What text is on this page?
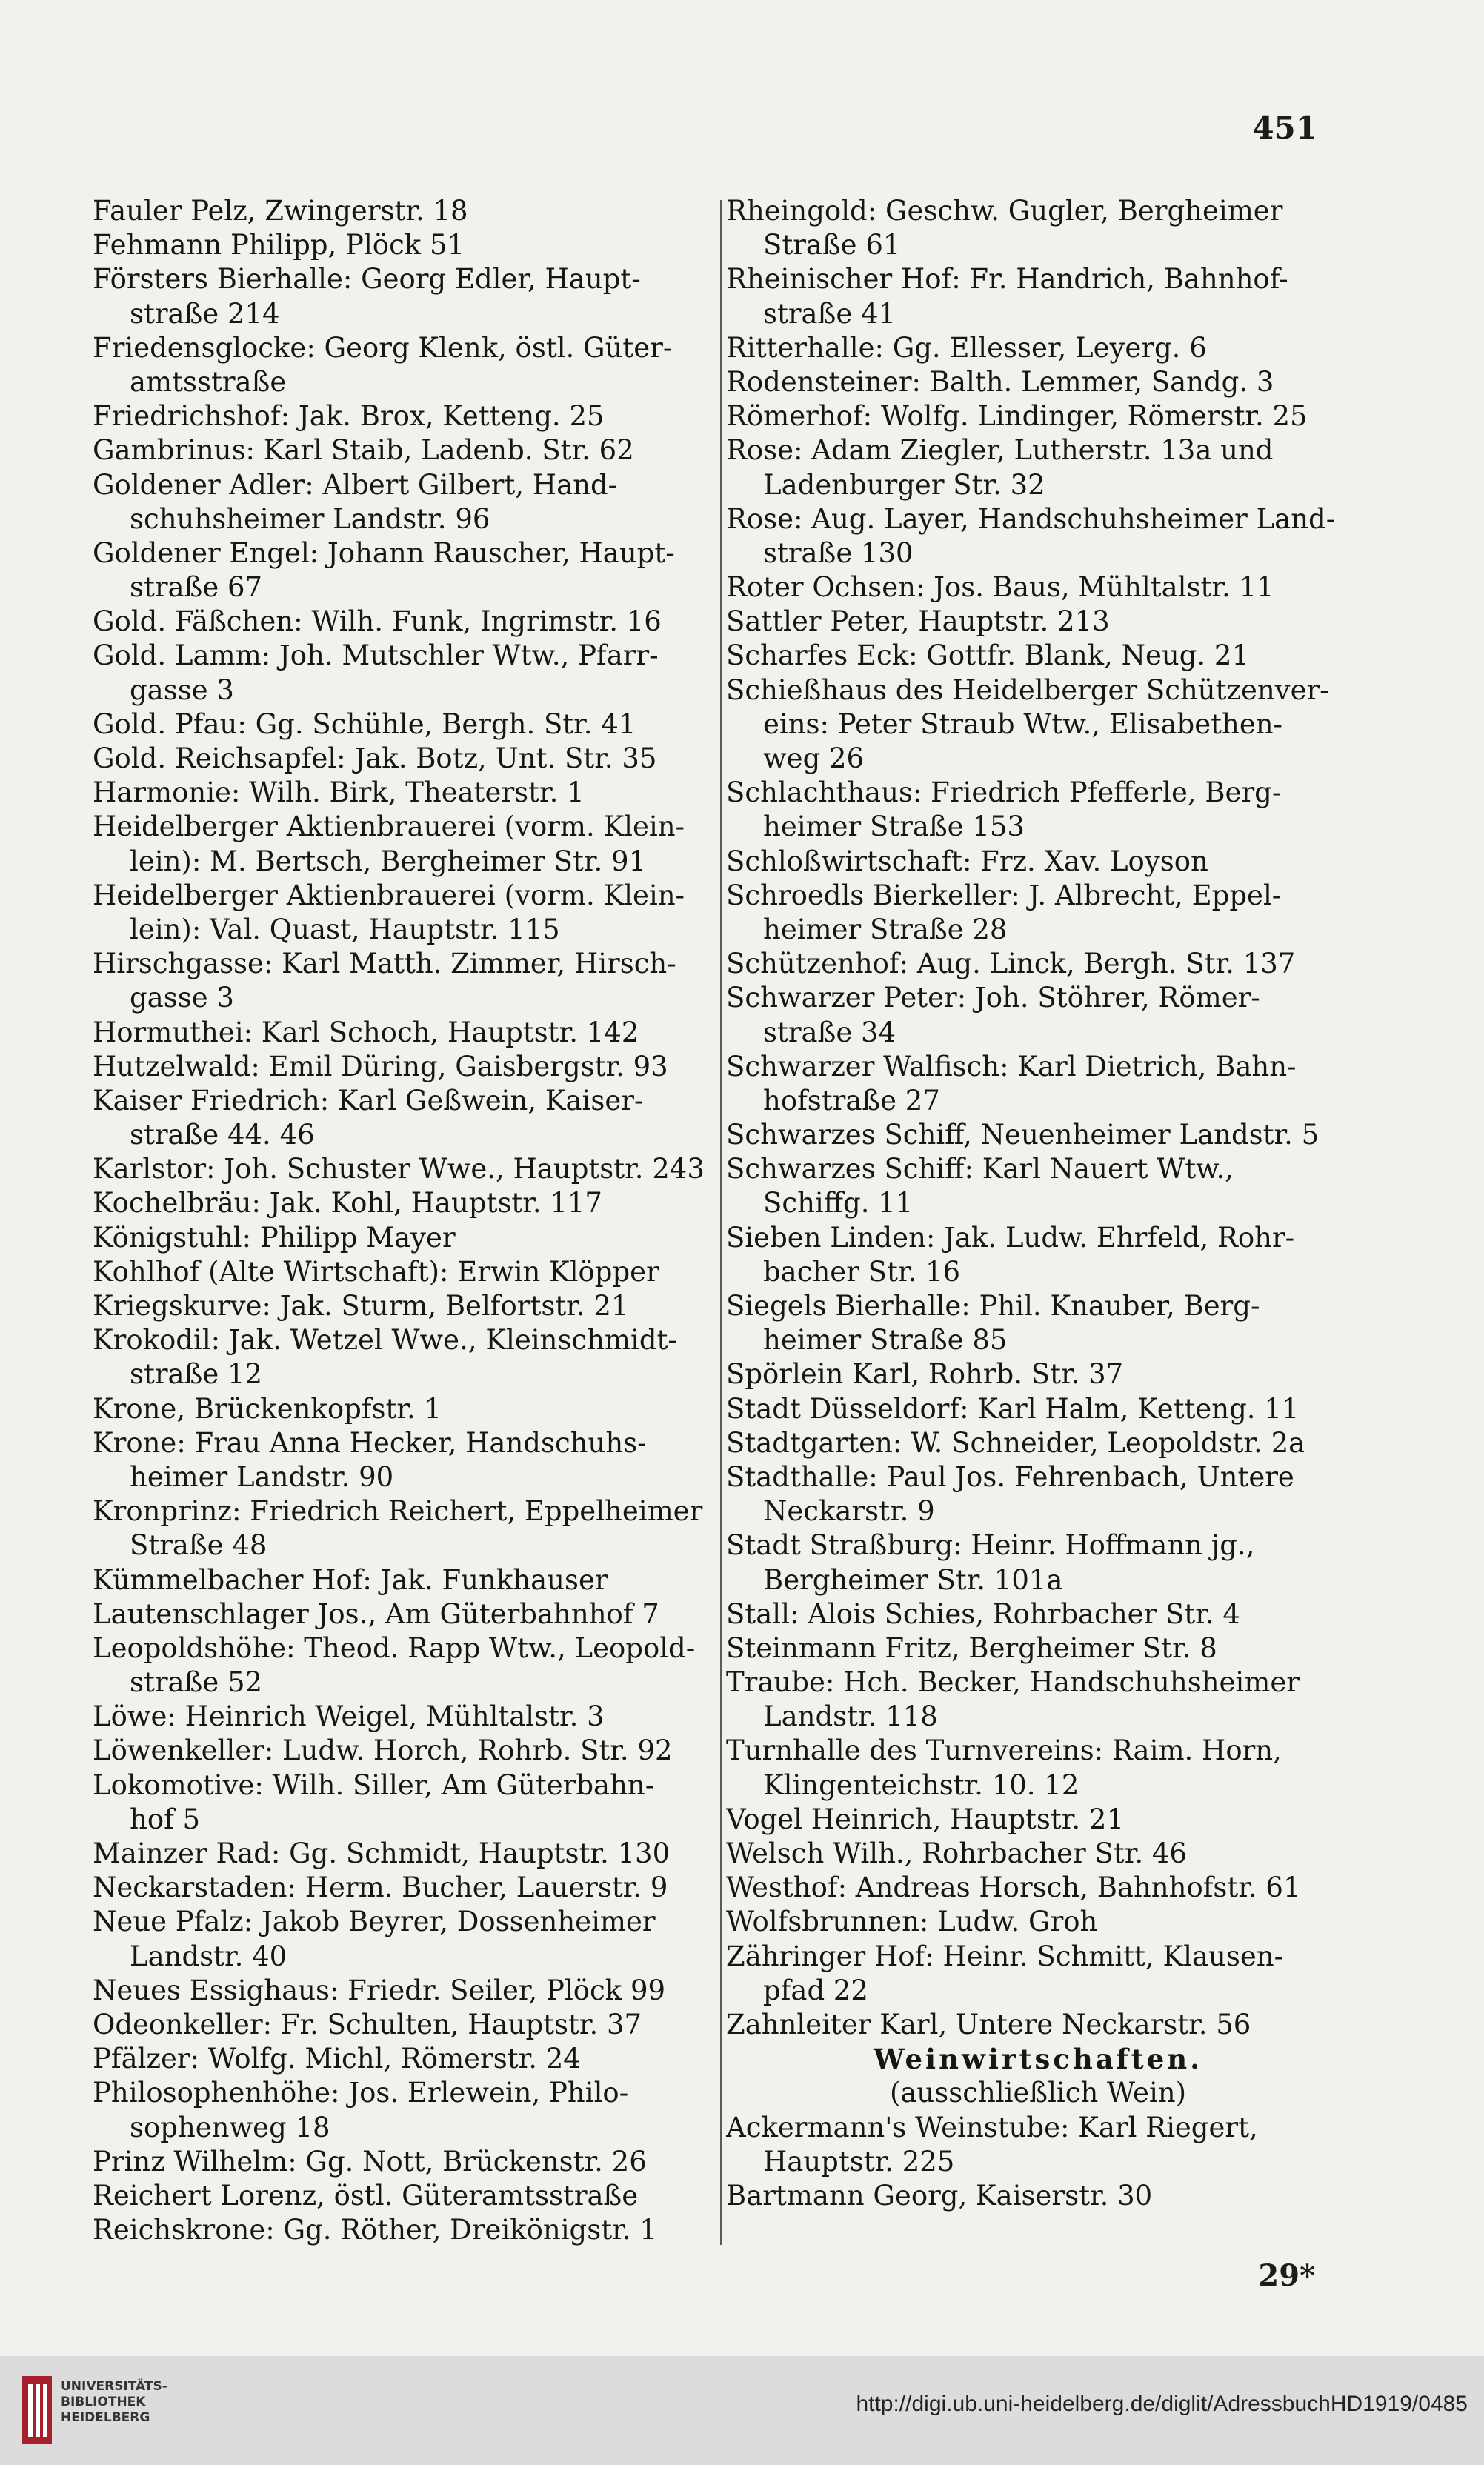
451
Fauler Pelz, Zwingerstr. 18
Fehmann Philipp, Plöck 51
Försters Bierhalle: Georg Edler, Haupt-
straße 214
Friedensglocke: Georg Klenk, östl. Güter-
amtsstraße
Friedrichshof: Jak. Brox, Ketteng. 25
Gambrinus: Karl Staib, Ladenb. Str. 62
Goldener Adler: Albert Gilbert, Hand-
schuhsheimer Landstr. 96
Goldener Engel: Johann Rauscher, Haupt-
straße 67
Gold. Fäßchen: Wilh. Funk, Ingrimstr. 16
Gold. Lamm: Joh. Mutschler Wtw., Pfarr-
gasse 3
Gold. Pfau: Gg. Schühle, Bergh. Str. 41
Gold. Reichsapfel: Jak. Botz, Unt. Str. 35
Harmonie: Wilh. Birk, Theaterstr. 1
Heidelberger Aktienbrauerei (vorm. Klein-
lein): M. Bertsch, Bergheimer Str. 91
Heidelberger Aktienbrauerei (vorm. Klein-
lein): Val. Quast, Hauptstr. 115
Hirschgasse: Karl Matth. Zimmer, Hirsch-
gasse 3
Hormuthei: Karl Schoch, Hauptstr. 142
Hutzelwald: Emil Düring, Gaisbergstr. 93
Kaiser Friedrich: Karl Geßwein, Kaiser-
straße 44. 46
Karlstor: Joh. Schuster Wwe., Hauptstr. 243
Kochelbräu: Jak. Kohl, Hauptstr. 117
Königstuhl: Philipp Mayer
Kohlhof (Alte Wirtschaft): Erwin Klöpper
Kriegskurve: Jak. Sturm, Belfortstr. 21
Krokodil: Jak. Wetzel Wwe., Kleinschmidt-
straße 12
Krone, Brückenkopfstr. 1
Krone: Frau Anna Hecker, Handschuhs-
heimer Landstr. 90
Kronprinz: Friedrich Reichert, Eppelheimer
Straße 48
Kümmelbacher Hof: Jak. Funkhauser
Lautenschlager Jos., Am Güterbahnhof 7
Leopoldshöhe: Theod. Rapp Wtw., Leopold-
straße 52
Löwe: Heinrich Weigel, Mühltalstr. 3
Löwenkeller: Ludw. Horch, Rohrb. Str. 92
Lokomotive: Wilh. Siller, Am Güterbahn-
hof 5
Mainzer Rad: Gg. Schmidt, Hauptstr. 130
Neckarstaden: Herm. Bucher, Lauerstr. 9
Neue Pfalz: Jakob Beyrer, Dossenheimer
Landstr. 40
Neues Essighaus: Friedr. Seiler, Plöck 99
Odeonkeller: Fr. Schulten, Hauptstr. 37
Pfälzer: Wolfg. Michl, Römerstr. 24
Philosophenhöhe: Jos. Erlewein, Philo-
sophenweg 18
Prinz Wilhelm: Gg. Nott, Brückenstr. 26
Reichert Lorenz, östl. Güteramtsstraße
Reichskrone: Gg. Röther, Dreikönigstr. 1
Rheingold: Geschw. Gugler, Bergheimer
Straße 61
Rheinischer Hof: Fr. Handrich, Bahnhof-
straße 41
Ritterhalle: Gg. Ellesser, Leyerg. 6
Rodensteiner: Balth. Lemmer, Sandg. 3
Römerhof: Wolfg. Lindinger, Römerstr. 25
Rose: Adam Ziegler, Lutherstr. 13a und
Ladenburger Str. 32
Rose: Aug. Layer, Handschuhsheimer Land-
straße 130
Roter Ochsen: Jos. Baus, Mühltalstr. 11
Sattler Peter, Hauptstr. 213
Scharfes Eck: Gottfr. Blank, Neug. 21
Schießhaus des Heidelberger Schützenver-
eins: Peter Straub Wtw., Elisabethen-
weg 26
Schlachthaus: Friedrich Pfefferle, Berg-
heimer Straße 153
Schloßwirtschaft: Frz. Xav. Loyson
Schroedls Bierkeller: J. Albrecht, Eppel-
heimer Straße 28
Schützenhof: Aug. Linck, Bergh. Str. 137
Schwarzer Peter: Joh. Stöhrer, Römer-
straße 34
Schwarzer Walfisch: Karl Dietrich, Bahn-
hofstraße 27
Schwarzes Schiff, Neuenheimer Landstr. 5
Schwarzes Schiff: Karl Nauert Wtw.,
Schiffg. 11
Sieben Linden: Jak. Ludw. Ehrfeld, Rohr-
bacher Str. 16
Siegels Bierhalle: Phil. Knauber, Berg-
heimer Straße 85
Spörlein Karl, Rohrb. Str. 37
Stadt Düsseldorf: Karl Halm, Ketteng. 11
Stadtgarten: W. Schneider, Leopoldstr. 2a
Stadthalle: Paul Jos. Fehrenbach, Untere
Neckarstr. 9
Stadt Straßburg: Heinr. Hoffmann jg.,
Bergheimer Str. 101a
Stall: Alois Schies, Rohrbacher Str. 4
Steinmann Fritz, Bergheimer Str. 8
Traube: Hch. Becker, Handschuhsheimer
Landstr. 118
Turnhalle des Turnvereins: Raim. Horn,
Klingenteichstr. 10. 12
Vogel Heinrich, Hauptstr. 21
Welsch Wilh., Rohrbacher Str. 46
Westhof: Andreas Horsch, Bahnhofstr. 61
Wolfsbrunnen: Ludw. Groh
Zähringer Hof: Heinr. Schmitt, Klausen-
pfad 22
Zahnleiter Karl, Untere Neckarstr. 56
Weinwirtschaften.
(ausschließlich Wein)
Ackermann's Weinstube: Karl Riegert,
Hauptstr. 225
Bartmann Georg, Kaiserstr. 30
29*
UNIVERSITÄTS-
BIBLIOTHEK
HEIDELBERG
http://digi.ub.uni-heidelberg.de/diglit/AdressbuchHD1919/0485
